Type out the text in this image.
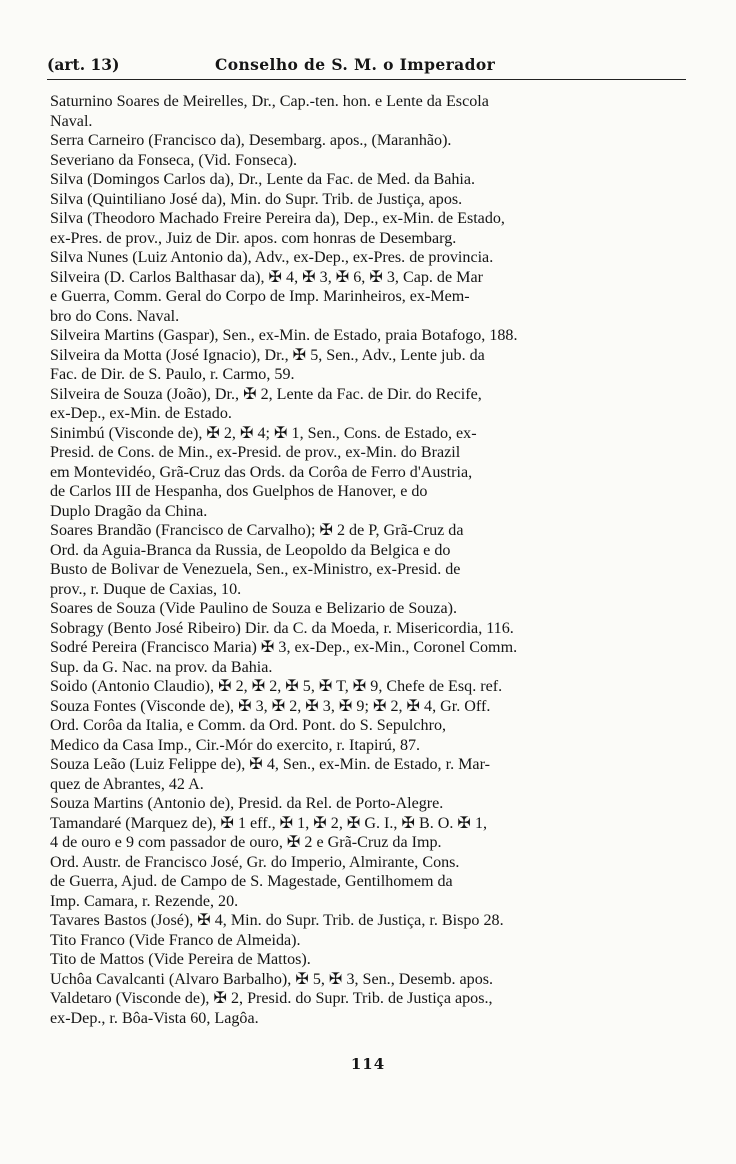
(art. 13)	Conselho de S. M. o Imperador
Saturnino Soares de Meirelles, Dr., Cap.-ten. hon. e Lente da Escola
Naval.
Serra Carneiro (Francisco da), Desembarg. apos., (Maranhão).
Severiano da Fonseca, (Vid. Fonseca).
Silva (Domingos Carlos da), Dr., Lente da Fac. de Med. da Bahia.
Silva (Quintiliano José da), Min. do Supr. Trib. de Justiça, apos.
Silva (Theodoro Machado Freire Pereira da), Dep., ex-Min. de Estado,
ex-Pres. de prov., Juiz de Dir. apos. com honras de Desembarg.
Silva Nunes (Luiz Antonio da), Adv., ex-Dep., ex-Pres. de provincia.
Silveira (D. Carlos Balthasar da), ✠ 4, ✠ 3, ✠ 6, ✠ 3, Cap. de Mar
e Guerra, Comm. Geral do Corpo de Imp. Marinheiros, ex-Mem-
bro do Cons. Naval.
Silveira Martins (Gaspar), Sen., ex-Min. de Estado, praia Botafogo, 188.
Silveira da Motta (José Ignacio), Dr., ✠ 5, Sen., Adv., Lente jub. da
Fac. de Dir. de S. Paulo, r. Carmo, 59.
Silveira de Souza (João), Dr., ✠ 2, Lente da Fac. de Dir. do Recife,
ex-Dep., ex-Min. de Estado.
Sinimbú (Visconde de), ✠ 2, ✠ 4; ✠ 1, Sen., Cons. de Estado, ex-
Presid. de Cons. de Min., ex-Presid. de prov., ex-Min. do Brazil
em Montevidéo, Grã-Cruz das Ords. da Corôa de Ferro d'Austria,
de Carlos III de Hespanha, dos Guelphos de Hanover, e do
Duplo Dragão da China.
Soares Brandão (Francisco de Carvalho); ✠ 2 de P, Grã-Cruz da
Ord. da Aguia-Branca da Russia, de Leopoldo da Belgica e do
Busto de Bolivar de Venezuela, Sen., ex-Ministro, ex-Presid. de
prov., r. Duque de Caxias, 10.
Soares de Souza (Vide Paulino de Souza e Belizario de Souza).
Sobragy (Bento José Ribeiro) Dir. da C. da Moeda, r. Misericordia, 116.
Sodré Pereira (Francisco Maria) ✠ 3, ex-Dep., ex-Min., Coronel Comm.
Sup. da G. Nac. na prov. da Bahia.
Soido (Antonio Claudio), ✠ 2, ✠ 2, ✠ 5, ✠ T, ✠ 9, Chefe de Esq. ref.
Souza Fontes (Visconde de), ✠ 3, ✠ 2, ✠ 3, ✠ 9; ✠ 2, ✠ 4, Gr. Off.
Ord. Corôa da Italia, e Comm. da Ord. Pont. do S. Sepulchro,
Medico da Casa Imp., Cir.-Mór do exercito, r. Itapirú, 87.
Souza Leão (Luiz Felippe de), ✠ 4, Sen., ex-Min. de Estado, r. Mar-
quez de Abrantes, 42 A.
Souza Martins (Antonio de), Presid. da Rel. de Porto-Alegre.
Tamandaré (Marquez de), ✠ 1 eff., ✠ 1, ✠ 2, ✠ G. I., ✠ B. O. ✠ 1,
4 de ouro e 9 com passador de ouro, ✠ 2 e Grã-Cruz da Imp.
Ord. Austr. de Francisco José, Gr. do Imperio, Almirante, Cons.
de Guerra, Ajud. de Campo de S. Magestade, Gentilhomem da
Imp. Camara, r. Rezende, 20.
Tavares Bastos (José), ✠ 4, Min. do Supr. Trib. de Justiça, r. Bispo 28.
Tito Franco (Vide Franco de Almeida).
Tito de Mattos (Vide Pereira de Mattos).
Uchôa Cavalcanti (Alvaro Barbalho), ✠ 5, ✠ 3, Sen., Desemb. apos.
Valdetaro (Visconde de), ✠ 2, Presid. do Supr. Trib. de Justiça apos.,
ex-Dep., r. Bôa-Vista 60, Lagôa.
114
